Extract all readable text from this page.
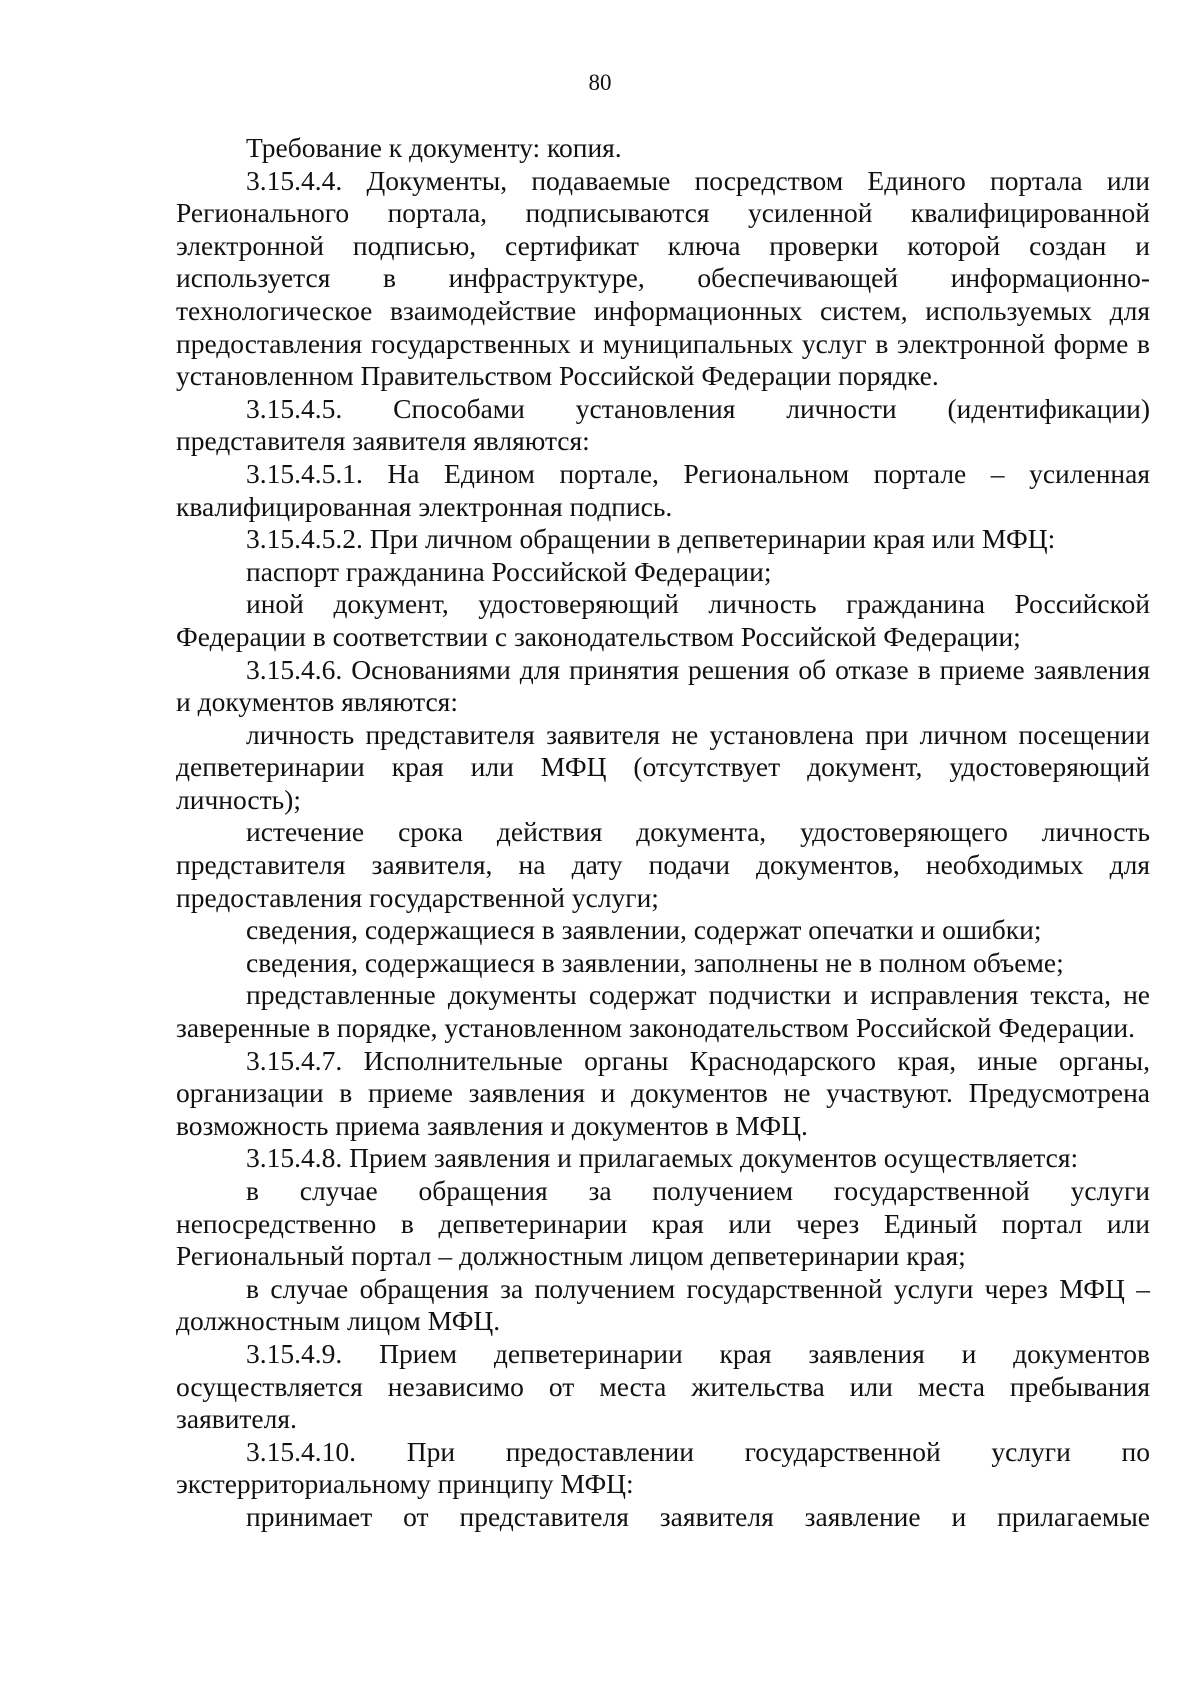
80

Требование к документу: копия.

3.15.4.4. Документы, подаваемые посредством Единого портала или Регионального портала, подписываются усиленной квалифицированной электронной подписью, сертификат ключа проверки которой создан и используется в инфраструктуре, обеспечивающей информационно-технологическое взаимодействие информационных систем, используемых для предоставления государственных и муниципальных услуг в электронной форме в установленном Правительством Российской Федерации порядке.

3.15.4.5. Способами установления личности (идентификации) представителя заявителя являются:

3.15.4.5.1. На Едином портале, Региональном портале – усиленная квалифицированная электронная подпись.

3.15.4.5.2. При личном обращении в депветеринарии края или МФЦ:

паспорт гражданина Российской Федерации;

иной документ, удостоверяющий личность гражданина Российской Федерации в соответствии с законодательством Российской Федерации;

3.15.4.6. Основаниями для принятия решения об отказе в приеме заявления и документов являются:

личность представителя заявителя не установлена при личном посещении депветеринарии края или МФЦ (отсутствует документ, удостоверяющий личность);

истечение срока действия документа, удостоверяющего личность представителя заявителя, на дату подачи документов, необходимых для предоставления государственной услуги;

сведения, содержащиеся в заявлении, содержат опечатки и ошибки;

сведения, содержащиеся в заявлении, заполнены не в полном объеме;

представленные документы содержат подчистки и исправления текста, не заверенные в порядке, установленном законодательством Российской Федерации.

3.15.4.7. Исполнительные органы Краснодарского края, иные органы, организации в приеме заявления и документов не участвуют. Предусмотрена возможность приема заявления и документов в МФЦ.

3.15.4.8. Прием заявления и прилагаемых документов осуществляется:

в случае обращения за получением государственной услуги непосредственно в депветеринарии края или через Единый портал или Региональный портал – должностным лицом депветеринарии края;

в случае обращения за получением государственной услуги через МФЦ – должностным лицом МФЦ.

3.15.4.9. Прием депветеринарии края заявления и документов осуществляется независимо от места жительства или места пребывания заявителя.

3.15.4.10. При предоставлении государственной услуги по экстерриториальному принципу МФЦ:

принимает от представителя заявителя заявление и прилагаемые
